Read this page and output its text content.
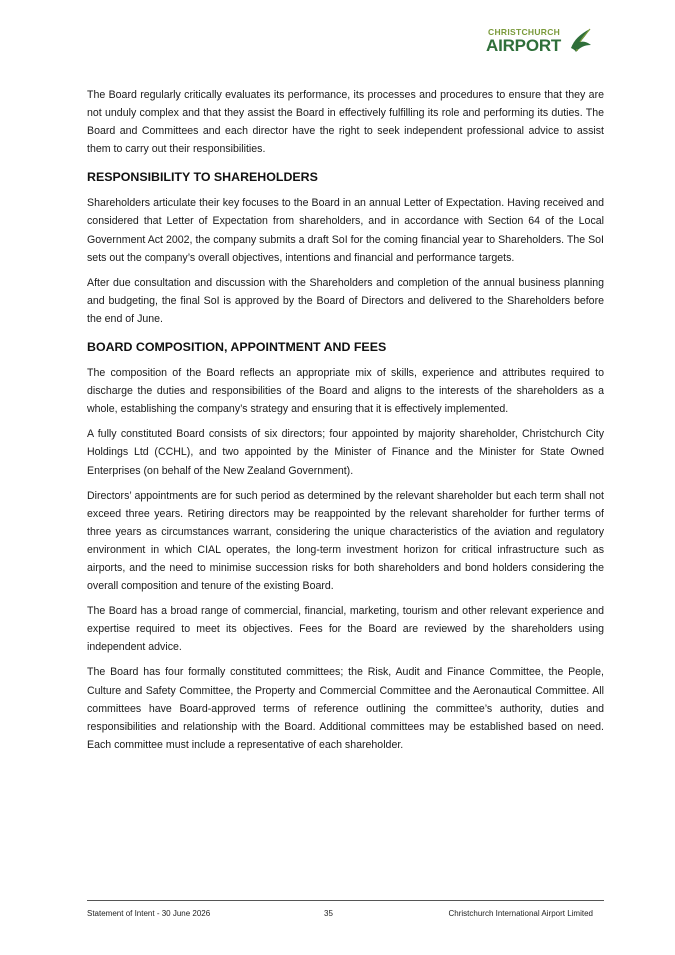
CHRISTCHURCH
AIRPORT

The Board regularly critically evaluates its performance, its processes and procedures to ensure that they are not unduly complex and that they assist the Board in effectively fulfilling its role and performing its duties. The Board and Committees and each director have the right to seek independent professional advice to assist them to carry out their responsibilities.

RESPONSIBILITY TO SHAREHOLDERS

Shareholders articulate their key focuses to the Board in an annual Letter of Expectation. Having received and considered that Letter of Expectation from shareholders, and in accordance with Section 64 of the Local Government Act 2002, the company submits a draft SoI for the coming financial year to Shareholders. The SoI sets out the company’s overall objectives, intentions and financial and performance targets.

After due consultation and discussion with the Shareholders and completion of the annual business planning and budgeting, the final SoI is approved by the Board of Directors and delivered to the Shareholders before the end of June.

BOARD COMPOSITION, APPOINTMENT AND FEES

The composition of the Board reflects an appropriate mix of skills, experience and attributes required to discharge the duties and responsibilities of the Board and aligns to the interests of the shareholders as a whole, establishing the company’s strategy and ensuring that it is effectively implemented.

A fully constituted Board consists of six directors; four appointed by majority shareholder, Christchurch City Holdings Ltd (CCHL), and two appointed by the Minister of Finance and the Minister for State Owned Enterprises (on behalf of the New Zealand Government).

Directors’ appointments are for such period as determined by the relevant shareholder but each term shall not exceed three years. Retiring directors may be reappointed by the relevant shareholder for further terms of three years as circumstances warrant, considering the unique characteristics of the aviation and regulatory environment in which CIAL operates, the long-term investment horizon for critical infrastructure such as airports, and the need to minimise succession risks for both shareholders and bond holders considering the overall composition and tenure of the existing Board.

The Board has a broad range of commercial, financial, marketing, tourism and other relevant experience and expertise required to meet its objectives. Fees for the Board are reviewed by the shareholders using independent advice.

The Board has four formally constituted committees; the Risk, Audit and Finance Committee, the People, Culture and Safety Committee, the Property and Commercial Committee and the Aeronautical Committee. All committees have Board-approved terms of reference outlining the committee’s authority, duties and responsibilities and relationship with the Board. Additional committees may be established based on need. Each committee must include a representative of each shareholder.

Statement of Intent - 30 June 2026	35	Christchurch International Airport Limited
